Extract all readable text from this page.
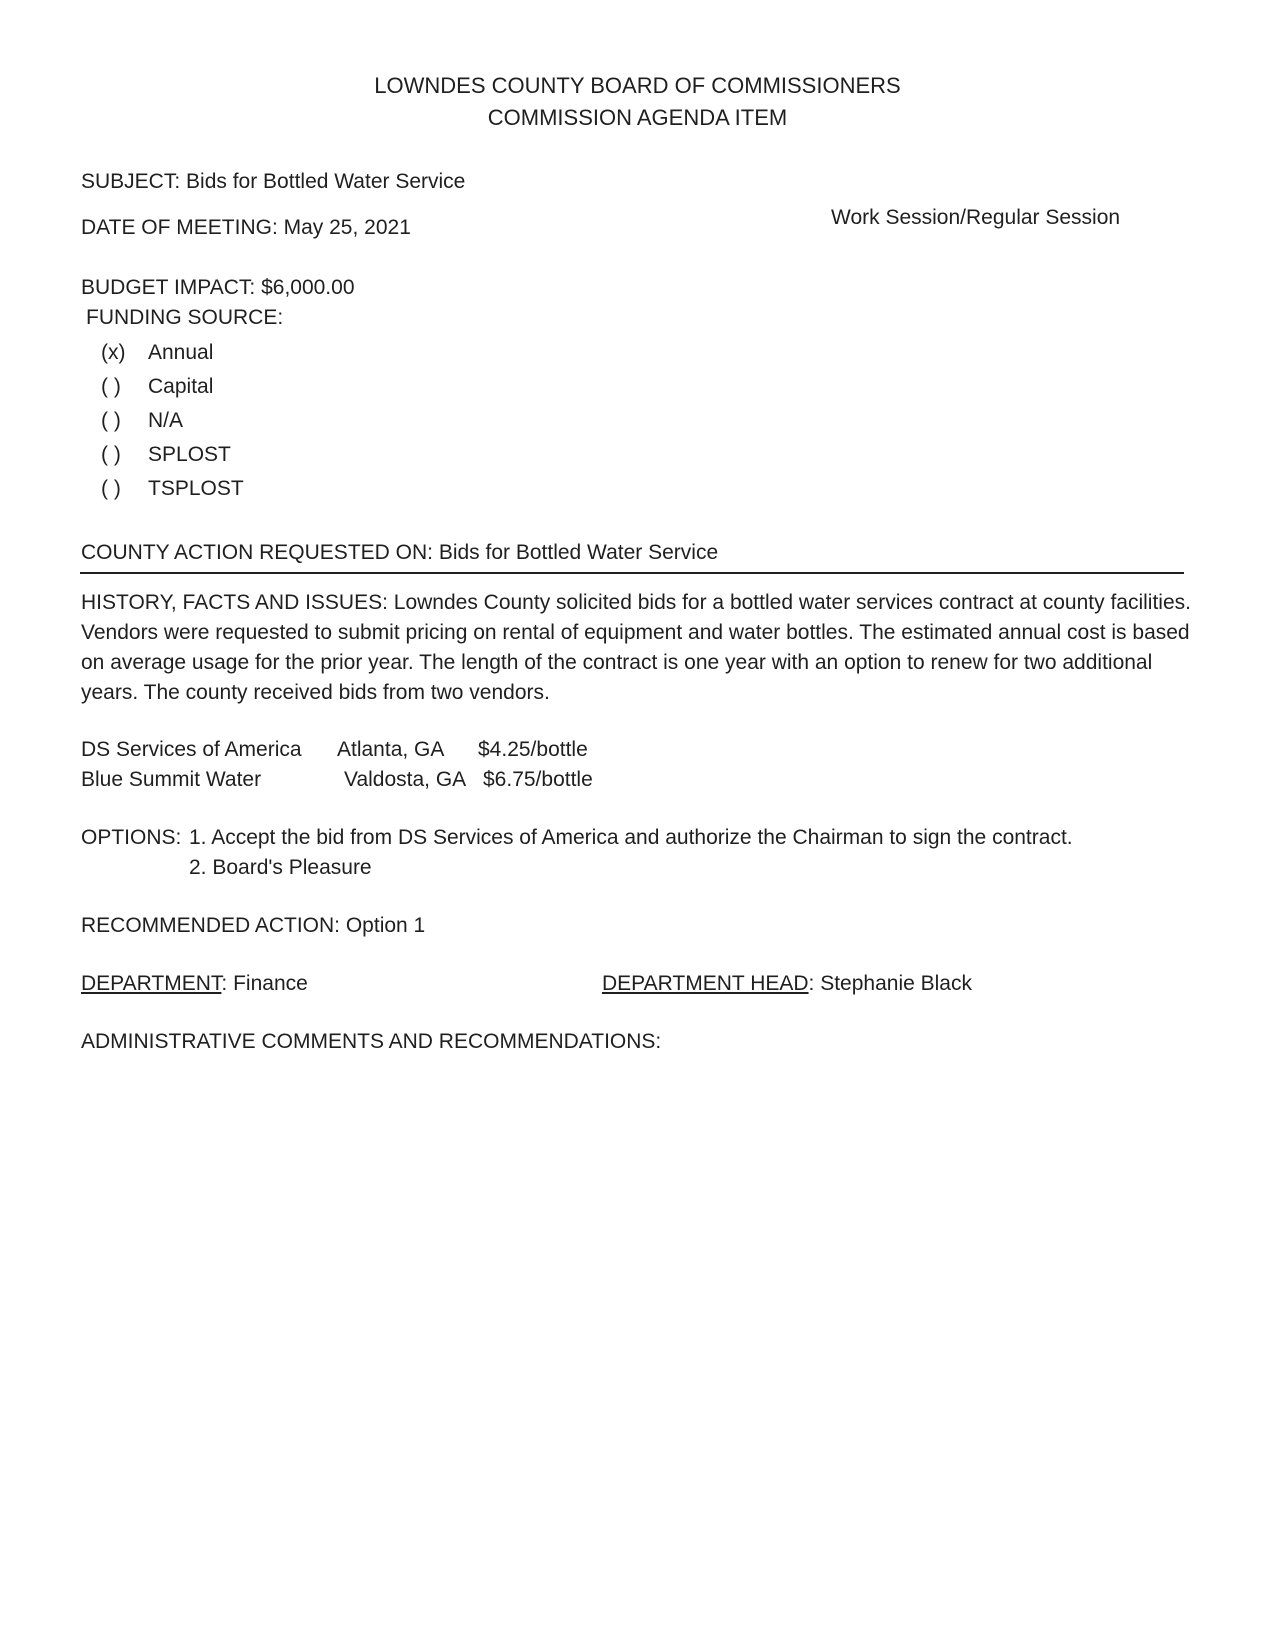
LOWNDES COUNTY BOARD OF COMMISSIONERS
COMMISSION AGENDA ITEM
SUBJECT: Bids for Bottled Water Service
DATE OF MEETING: May 25, 2021	Work Session/Regular Session
BUDGET IMPACT: $6,000.00
FUNDING SOURCE:
(x)	Annual
( )	Capital
( )	N/A
( )	SPLOST
( )	TSPLOST
COUNTY ACTION REQUESTED ON: Bids for Bottled Water Service
HISTORY, FACTS AND ISSUES: Lowndes County solicited bids for a bottled water services contract at county facilities. Vendors were requested to submit pricing on rental of equipment and water bottles. The estimated annual cost is based on average usage for the prior year. The length of the contract is one year with an option to renew for two additional years. The county received bids from two vendors.
DS Services of America Atlanta, GA $4.25/bottle
Blue Summit Water	Valdosta, GA $6.75/bottle
OPTIONS: 1. Accept the bid from DS Services of America and authorize the Chairman to sign the contract.
2. Board's Pleasure
RECOMMENDED ACTION: Option 1
DEPARTMENT: Finance	DEPARTMENT HEAD: Stephanie Black
ADMINISTRATIVE COMMENTS AND RECOMMENDATIONS:
